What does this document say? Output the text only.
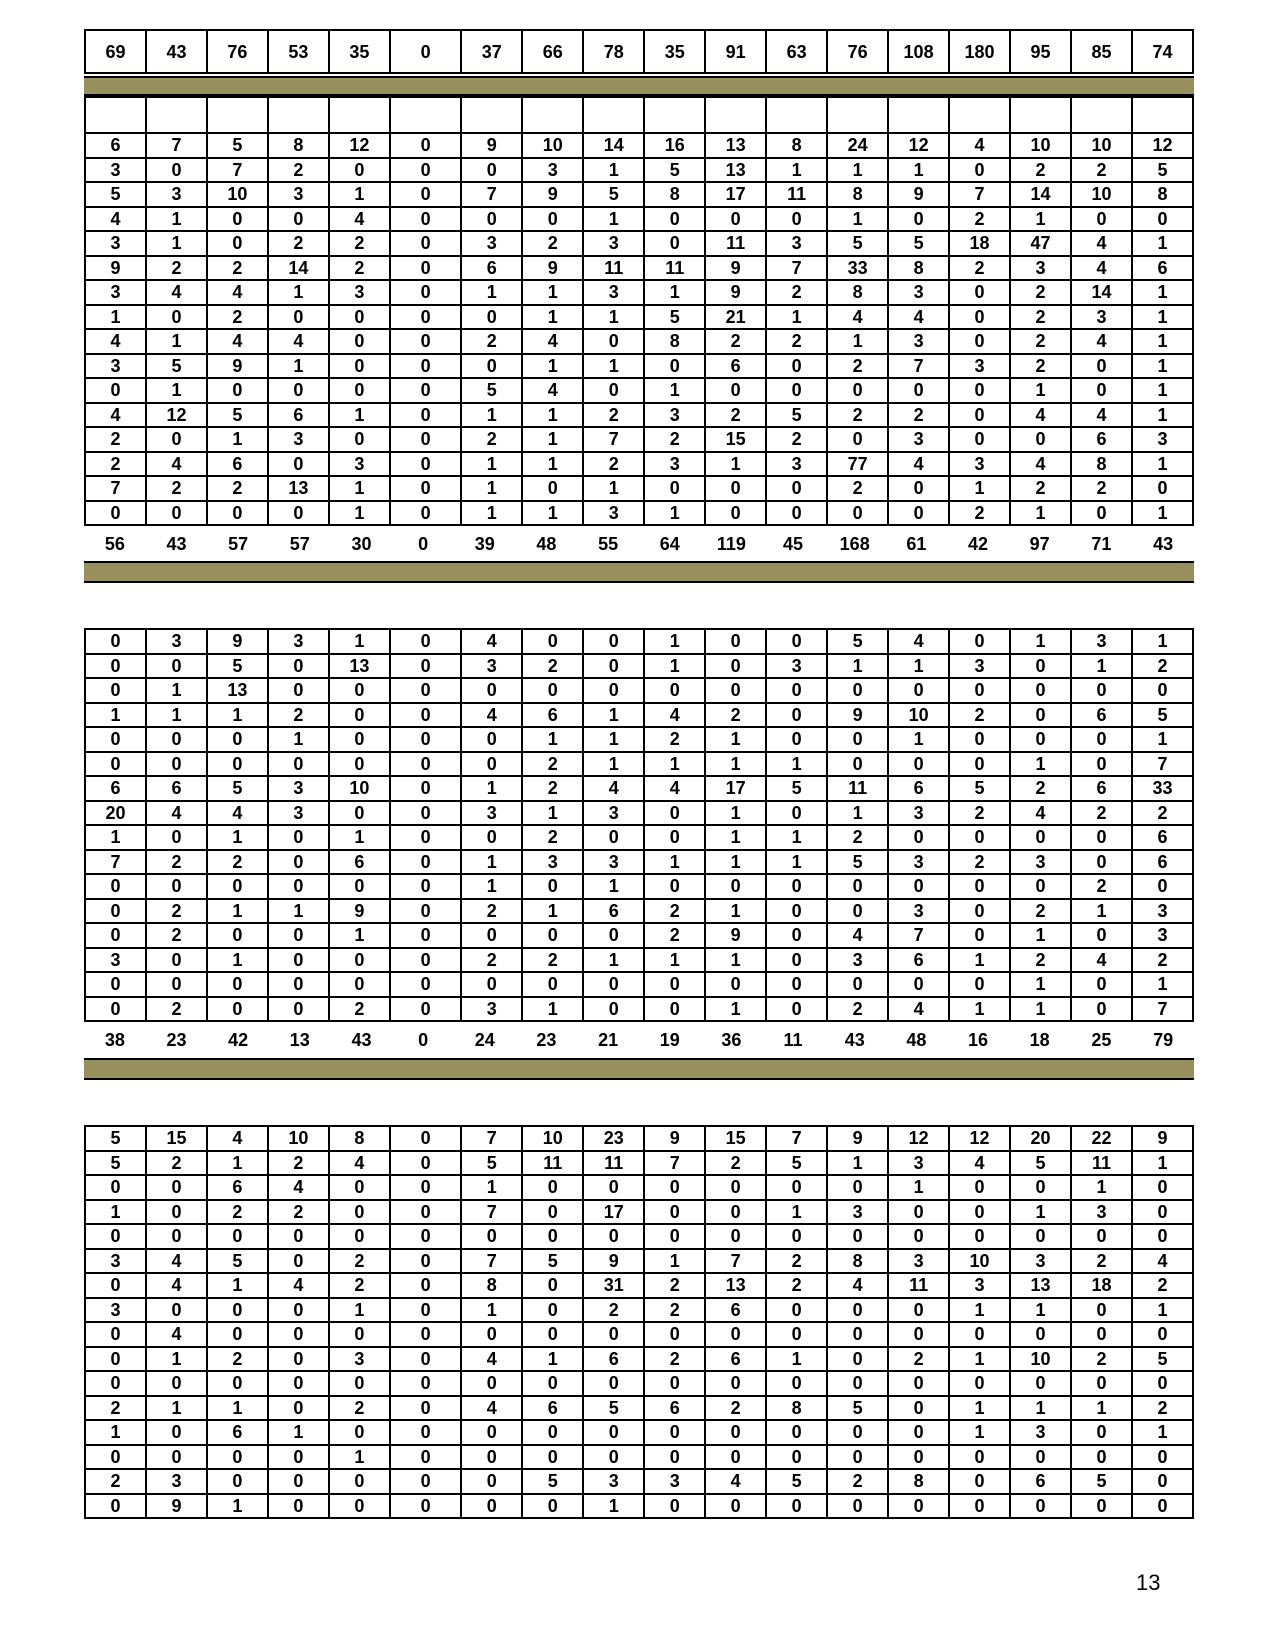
69	43	76	53	35	0	37	66	78	35	91	63	76	108	180	95	85	74

6	7	5	8	12	0	9	10	14	16	13	8	24	12	4	10	10	12
3	0	7	2	0	0	0	3	1	5	13	1	1	1	0	2	2	5
5	3	10	3	1	0	7	9	5	8	17	11	8	9	7	14	10	8
4	1	0	0	4	0	0	0	1	0	0	0	1	0	2	1	0	0
3	1	0	2	2	0	3	2	3	0	11	3	5	5	18	47	4	1
9	2	2	14	2	0	6	9	11	11	9	7	33	8	2	3	4	6
3	4	4	1	3	0	1	1	3	1	9	2	8	3	0	2	14	1
1	0	2	0	0	0	0	1	1	5	21	1	4	4	0	2	3	1
4	1	4	4	0	0	2	4	0	8	2	2	1	3	0	2	4	1
3	5	9	1	0	0	0	1	1	0	6	0	2	7	3	2	0	1
0	1	0	0	0	0	5	4	0	1	0	0	0	0	0	1	0	1
4	12	5	6	1	0	1	1	2	3	2	5	2	2	0	4	4	1
2	0	1	3	0	0	2	1	7	2	15	2	0	3	0	0	6	3
2	4	6	0	3	0	1	1	2	3	1	3	77	4	3	4	8	1
7	2	2	13	1	0	1	0	1	0	0	0	2	0	1	2	2	0
0	0	0	0	1	0	1	1	3	1	0	0	0	0	2	1	0	1
56	43	57	57	30	0	39	48	55	64	119	45	168	61	42	97	71	43
0	3	9	3	1	0	4	0	0	1	0	0	5	4	0	1	3	1
0	0	5	0	13	0	3	2	0	1	0	3	1	1	3	0	1	2
0	1	13	0	0	0	0	0	0	0	0	0	0	0	0	0	0	0
1	1	1	2	0	0	4	6	1	4	2	0	9	10	2	0	6	5
0	0	0	1	0	0	0	1	1	2	1	0	0	1	0	0	0	1
0	0	0	0	0	0	0	2	1	1	1	1	0	0	0	1	0	7
6	6	5	3	10	0	1	2	4	4	17	5	11	6	5	2	6	33
20	4	4	3	0	0	3	1	3	0	1	0	1	3	2	4	2	2
1	0	1	0	1	0	0	2	0	0	1	1	2	0	0	0	0	6
7	2	2	0	6	0	1	3	3	1	1	1	5	3	2	3	0	6
0	0	0	0	0	0	1	0	1	0	0	0	0	0	0	0	2	0
0	2	1	1	9	0	2	1	6	2	1	0	0	3	0	2	1	3
0	2	0	0	1	0	0	0	0	2	9	0	4	7	0	1	0	3
3	0	1	0	0	0	2	2	1	1	1	0	3	6	1	2	4	2
0	0	0	0	0	0	0	0	0	0	0	0	0	0	0	1	0	1
0	2	0	0	2	0	3	1	0	0	1	0	2	4	1	1	0	7
38	23	42	13	43	0	24	23	21	19	36	11	43	48	16	18	25	79
5	15	4	10	8	0	7	10	23	9	15	7	9	12	12	20	22	9
5	2	1	2	4	0	5	11	11	7	2	5	1	3	4	5	11	1
0	0	6	4	0	0	1	0	0	0	0	0	0	1	0	0	1	0
1	0	2	2	0	0	7	0	17	0	0	1	3	0	0	1	3	0
0	0	0	0	0	0	0	0	0	0	0	0	0	0	0	0	0	0
3	4	5	0	2	0	7	5	9	1	7	2	8	3	10	3	2	4
0	4	1	4	2	0	8	0	31	2	13	2	4	11	3	13	18	2
3	0	0	0	1	0	1	0	2	2	6	0	0	0	1	1	0	1
0	4	0	0	0	0	0	0	0	0	0	0	0	0	0	0	0	0
0	1	2	0	3	0	4	1	6	2	6	1	0	2	1	10	2	5
0	0	0	0	0	0	0	0	0	0	0	0	0	0	0	0	0	0
2	1	1	0	2	0	4	6	5	6	2	8	5	0	1	1	1	2
1	0	6	1	0	0	0	0	0	0	0	0	0	0	1	3	0	1
0	0	0	0	1	0	0	0	0	0	0	0	0	0	0	0	0	0
2	3	0	0	0	0	0	5	3	3	4	5	2	8	0	6	5	0
0	9	1	0	0	0	0	0	1	0	0	0	0	0	0	0	0	0
13
